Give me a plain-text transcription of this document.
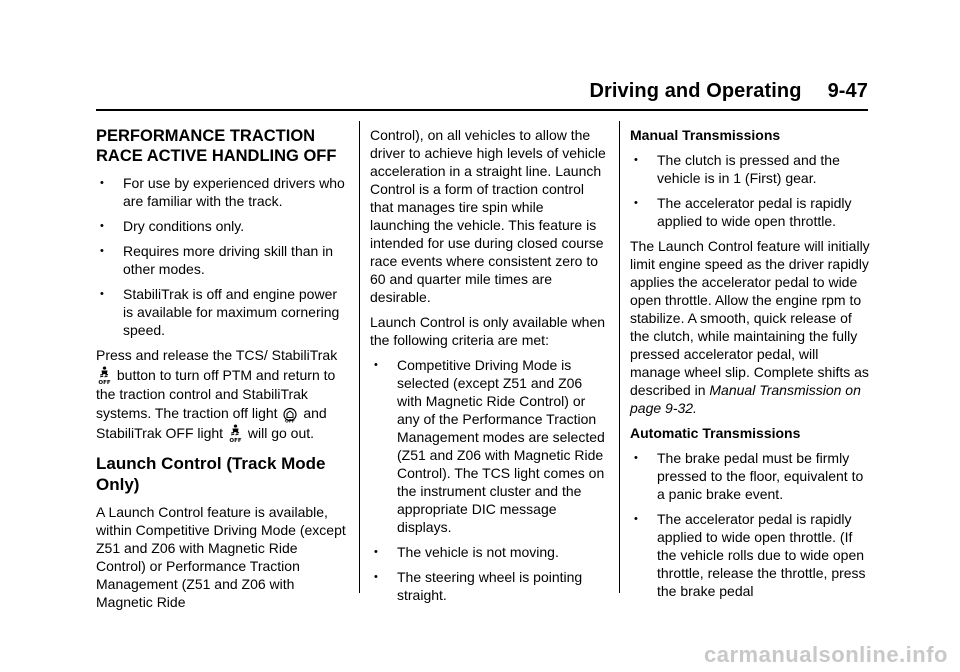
Driving and Operating 9-47
PERFORMANCE TRACTION RACE ACTIVE HANDLING OFF
• For use by experienced drivers who are familiar with the track.
• Dry conditions only.
• Requires more driving skill than in other modes.
• StabiliTrak is off and engine power is available for maximum cornering speed.

Press and release the TCS/ StabiliTrak
OFF button to turn off PTM and return to the traction control and StabiliTrak systems. The traction off light
OFF
and StabiliTrak OFF light OFF will go out.

Launch Control (Track Mode Only)

A Launch Control feature is available, within Competitive Driving Mode (except Z51 and Z06 with Magnetic Ride Control) or Performance Traction Management (Z51 and Z06 with Magnetic Ride

Control), on all vehicles to allow the driver to achieve high levels of vehicle acceleration in a straight line. Launch Control is a form of traction control that manages tire spin while launching the vehicle. This feature is intended for use during closed course race events where consistent zero to 60 and quarter mile times are desirable.

Launch Control is only available when the following criteria are met:

• Competitive Driving Mode is selected (except Z51 and Z06 with Magnetic Ride Control) or any of the Performance Traction Management modes are selected (Z51 and Z06 with Magnetic Ride Control). The TCS light comes on the instrument cluster and the appropriate DIC message displays.
• The vehicle is not moving.
• The steering wheel is pointing straight.

Manual Transmissions

• The clutch is pressed and the vehicle is in 1 (First) gear.
• The accelerator pedal is rapidly applied to wide open throttle.

The Launch Control feature will initially limit engine speed as the driver rapidly applies the accelerator pedal to wide open throttle. Allow the engine rpm to stabilize. A smooth, quick release of the clutch, while maintaining the fully pressed accelerator pedal, will manage wheel slip. Complete shifts as described in Manual Transmission on page 9-32.

Automatic Transmissions

• The brake pedal must be firmly pressed to the floor, equivalent to a panic brake event.
• The accelerator pedal is rapidly applied to wide open throttle. (If the vehicle rolls due to wide open throttle, release the throttle, press the brake pedal
carmanualsonline.info
